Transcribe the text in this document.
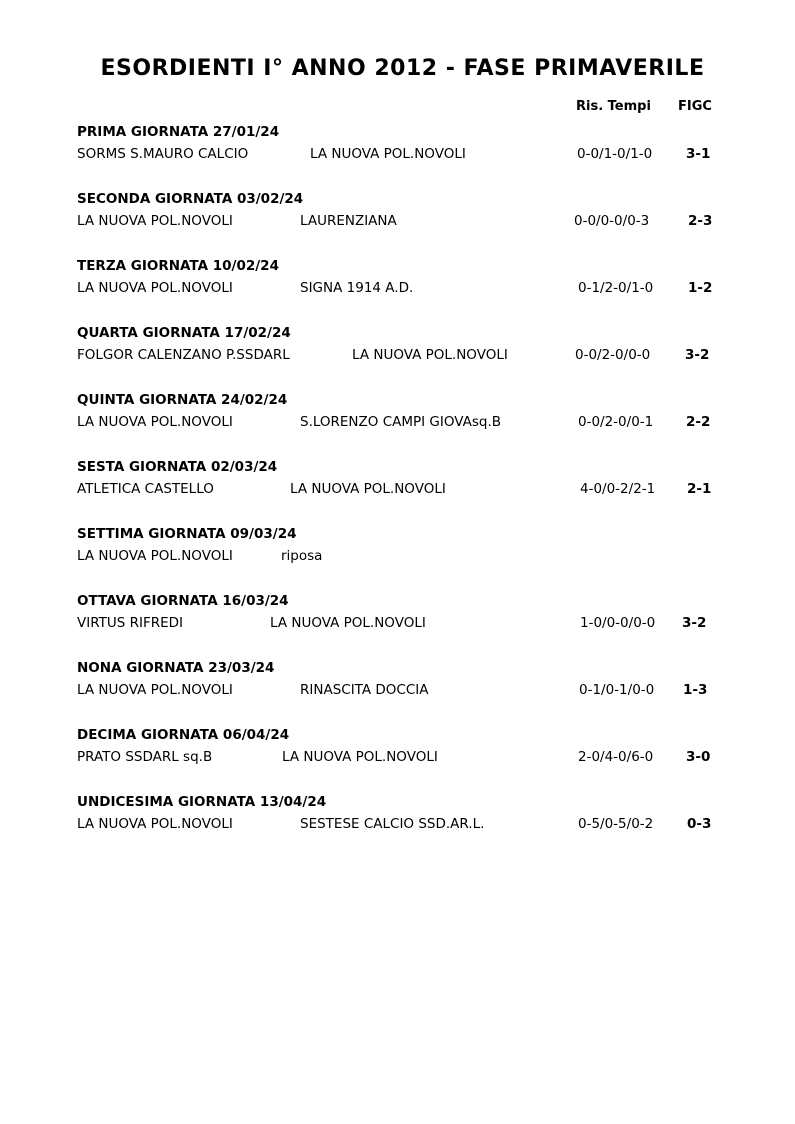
ESORDIENTI I° ANNO 2012 - FASE PRIMAVERILE
Ris. Tempi FIGC
PRIMA GIORNATA 27/01/24
SORMS S.MAURO CALCIO	LA NUOVA POL.NOVOLI	0-0/1-0/1-0	3-1
SECONDA GIORNATA 03/02/24
LA NUOVA POL.NOVOLI	LAURENZIANA	0-0/0-0/0-3	2-3
TERZA GIORNATA 10/02/24
LA NUOVA POL.NOVOLI	SIGNA 1914 A.D.	0-1/2-0/1-0	1-2
QUARTA GIORNATA 17/02/24
FOLGOR CALENZANO P.SSDARL	LA NUOVA POL.NOVOLI	0-0/2-0/0-0	3-2
QUINTA GIORNATA 24/02/24
LA NUOVA POL.NOVOLI	S.LORENZO CAMPI GIOVAsq.B	0-0/2-0/0-1 2-2
SESTA GIORNATA 02/03/24
ATLETICA CASTELLO	LA NUOVA POL.NOVOLI	4-0/0-2/2-1 2-1
SETTIMA GIORNATA 09/03/24
LA NUOVA POL.NOVOLI	riposa
OTTAVA GIORNATA 16/03/24
VIRTUS RIFREDI	LA NUOVA POL.NOVOLI	1-0/0-0/0-0 3-2
NONA GIORNATA 23/03/24
LA NUOVA POL.NOVOLI	RINASCITA DOCCIA	0-1/0-1/0-0 1-3
DECIMA GIORNATA 06/04/24
PRATO SSDARL sq.B	LA NUOVA POL.NOVOLI	2-0/4-0/6-0 3-0
UNDICESIMA GIORNATA 13/04/24
LA NUOVA POL.NOVOLI	SESTESE CALCIO SSD.AR.L.	0-5/0-5/0-2	0-3
